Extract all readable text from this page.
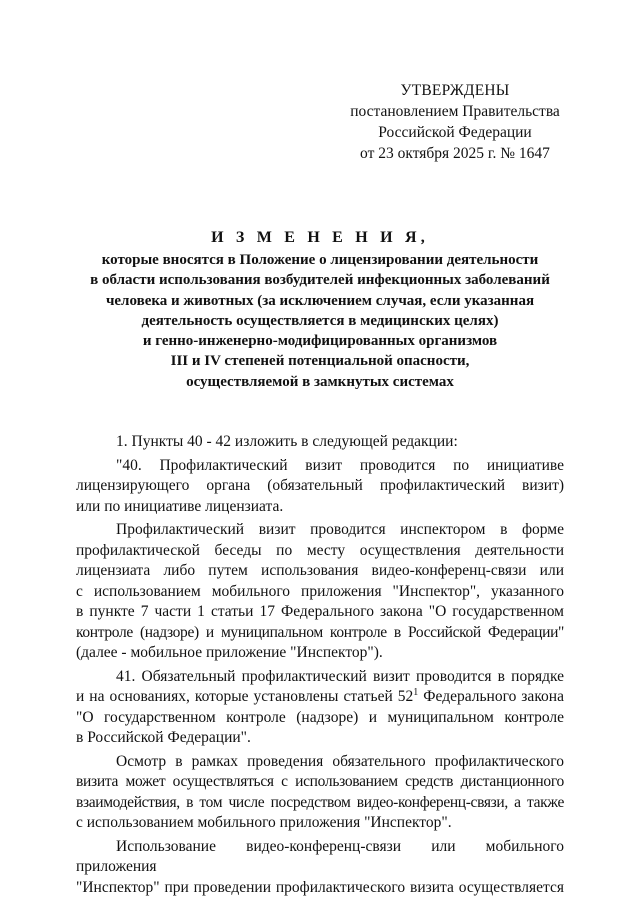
УТВЕРЖДЕНЫ
постановлением Правительства
Российской Федерации
от 23 октября 2025 г. № 1647
И З М Е Н Е Н И Я,
которые вносятся в Положение о лицензировании деятельности
в области использования возбудителей инфекционных заболеваний
человека и животных (за исключением случая, если указанная
деятельность осуществляется в медицинских целях)
и генно-инженерно-модифицированных организмов
III и IV степеней потенциальной опасности,
осуществляемой в замкнутых системах
1. Пункты 40 - 42 изложить в следующей редакции:
"40. Профилактический визит проводится по инициативе
лицензирующего органа (обязательный профилактический визит)
или по инициативе лицензиата.
Профилактический визит проводится инспектором в форме
профилактической беседы по месту осуществления деятельности
лицензиата либо путем использования видео-конференц-связи или
с использованием мобильного приложения "Инспектор", указанного
в пункте 7 части 1 статьи 17 Федерального закона "О государственном
контроле (надзоре) и муниципальном контроле в Российской Федерации"
(далее - мобильное приложение "Инспектор").
41. Обязательный профилактический визит проводится в порядке
и на основаниях, которые установлены статьей $52^1$ Федерального закона
"О государственном контроле (надзоре) и муниципальном контроле
в Российской Федерации".
Осмотр в рамках проведения обязательного профилактического
визита может осуществляться с использованием средств дистанционного
взаимодействия, в том числе посредством видео-конференц-связи, а также
с использованием мобильного приложения "Инспектор".
Использование видео-конференц-связи или мобильного приложения
"Инспектор" при проведении профилактического визита осуществляется
